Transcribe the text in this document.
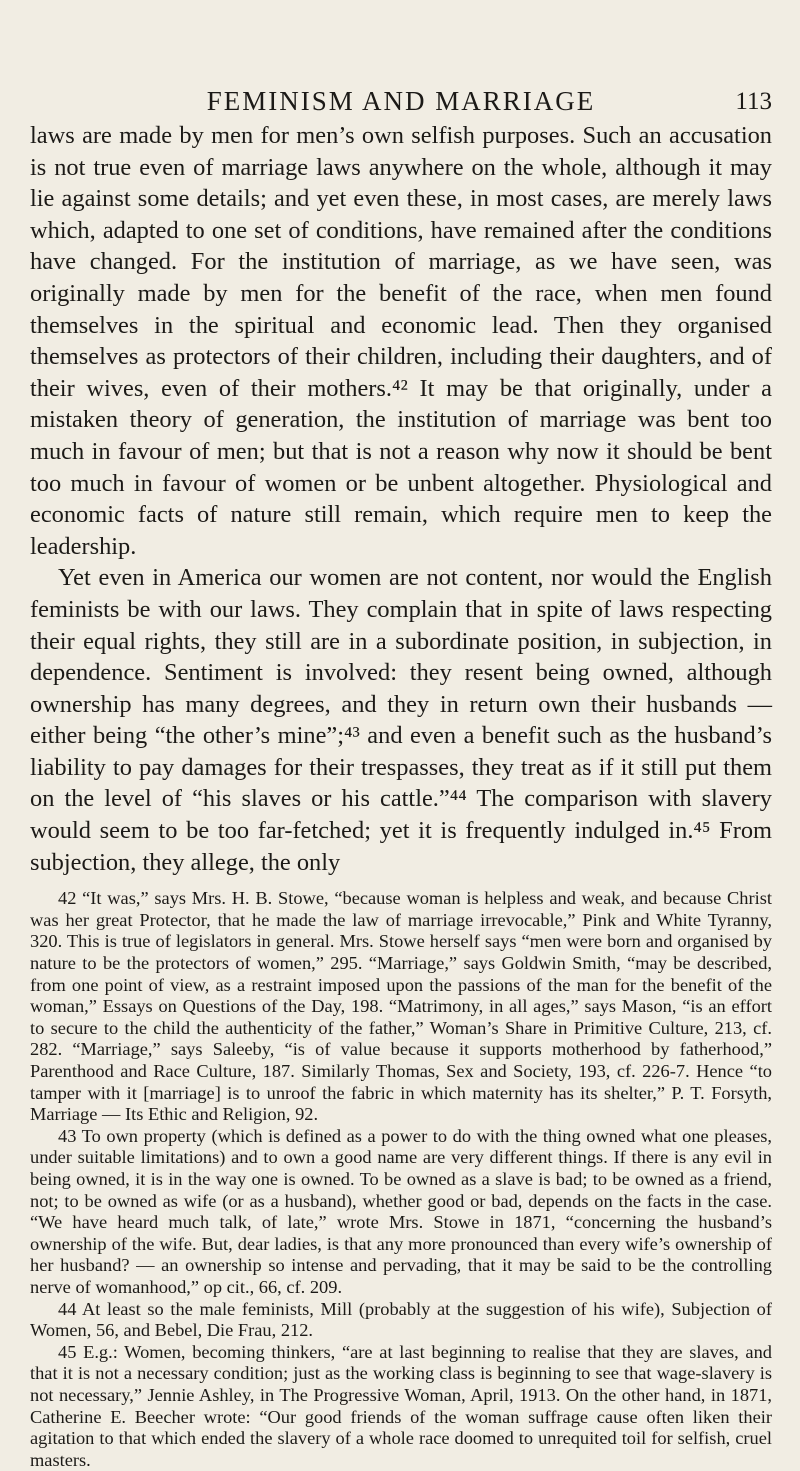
FEMINISM AND MARRIAGE	113

laws are made by men for men’s own selfish purposes. Such an accusation is not true even of marriage laws anywhere on the whole, although it may lie against some details; and yet even these, in most cases, are merely laws which, adapted to one set of conditions, have remained after the conditions have changed. For the institution of marriage, as we have seen, was originally made by men for the benefit of the race, when men found themselves in the spiritual and economic lead. Then they organised themselves as protectors of their children, including their daughters, and of their wives, even of their mothers.⁴² It may be that originally, under a mistaken theory of generation, the institution of marriage was bent too much in favour of men; but that is not a reason why now it should be bent too much in favour of women or be unbent altogether. Physiological and economic facts of nature still remain, which require men to keep the leadership.

Yet even in America our women are not content, nor would the English feminists be with our laws. They complain that in spite of laws respecting their equal rights, they still are in a subordinate position, in subjection, in dependence. Sentiment is involved: they resent being owned, although ownership has many degrees, and they in return own their husbands — either being “the other’s mine”;⁴³ and even a benefit such as the husband’s liability to pay damages for their trespasses, they treat as if it still put them on the level of “his slaves or his cattle.”⁴⁴ The comparison with slavery would seem to be too far-fetched; yet it is frequently indulged in.⁴⁵ From subjection, they allege, the only

42 “It was,” says Mrs. H. B. Stowe, “because woman is helpless and weak, and because Christ was her great Protector, that he made the law of marriage irrevocable,” Pink and White Tyranny, 320. This is true of legislators in general. Mrs. Stowe herself says “men were born and organised by nature to be the protectors of women,” 295. “Marriage,” says Goldwin Smith, “may be described, from one point of view, as a restraint imposed upon the passions of the man for the benefit of the woman,” Essays on Questions of the Day, 198. “Matrimony, in all ages,” says Mason, “is an effort to secure to the child the authenticity of the father,” Woman’s Share in Primitive Culture, 213, cf. 282. “Marriage,” says Saleeby, “is of value because it supports motherhood by fatherhood,” Parenthood and Race Culture, 187. Similarly Thomas, Sex and Society, 193, cf. 226-7. Hence “to tamper with it [marriage] is to unroof the fabric in which maternity has its shelter,” P. T. Forsyth, Marriage — Its Ethic and Religion, 92.

43 To own property (which is defined as a power to do with the thing owned what one pleases, under suitable limitations) and to own a good name are very different things. If there is any evil in being owned, it is in the way one is owned. To be owned as a slave is bad; to be owned as a friend, not; to be owned as wife (or as a husband), whether good or bad, depends on the facts in the case. “We have heard much talk, of late,” wrote Mrs. Stowe in 1871, “concerning the husband’s ownership of the wife. But, dear ladies, is that any more pronounced than every wife’s ownership of her husband? — an ownership so intense and pervading, that it may be said to be the controlling nerve of womanhood,” op cit., 66, cf. 209.

44 At least so the male feminists, Mill (probably at the suggestion of his wife), Subjection of Women, 56, and Bebel, Die Frau, 212.

45 E.g.: Women, becoming thinkers, “are at last beginning to realise that they are slaves, and that it is not a necessary condition; just as the working class is beginning to see that wage-slavery is not necessary,” Jennie Ashley, in The Progressive Woman, April, 1913. On the other hand, in 1871, Catherine E. Beecher wrote: “Our good friends of the woman suffrage cause often liken their agitation to that which ended the slavery of a whole race doomed to unrequited toil for selfish, cruel masters.
